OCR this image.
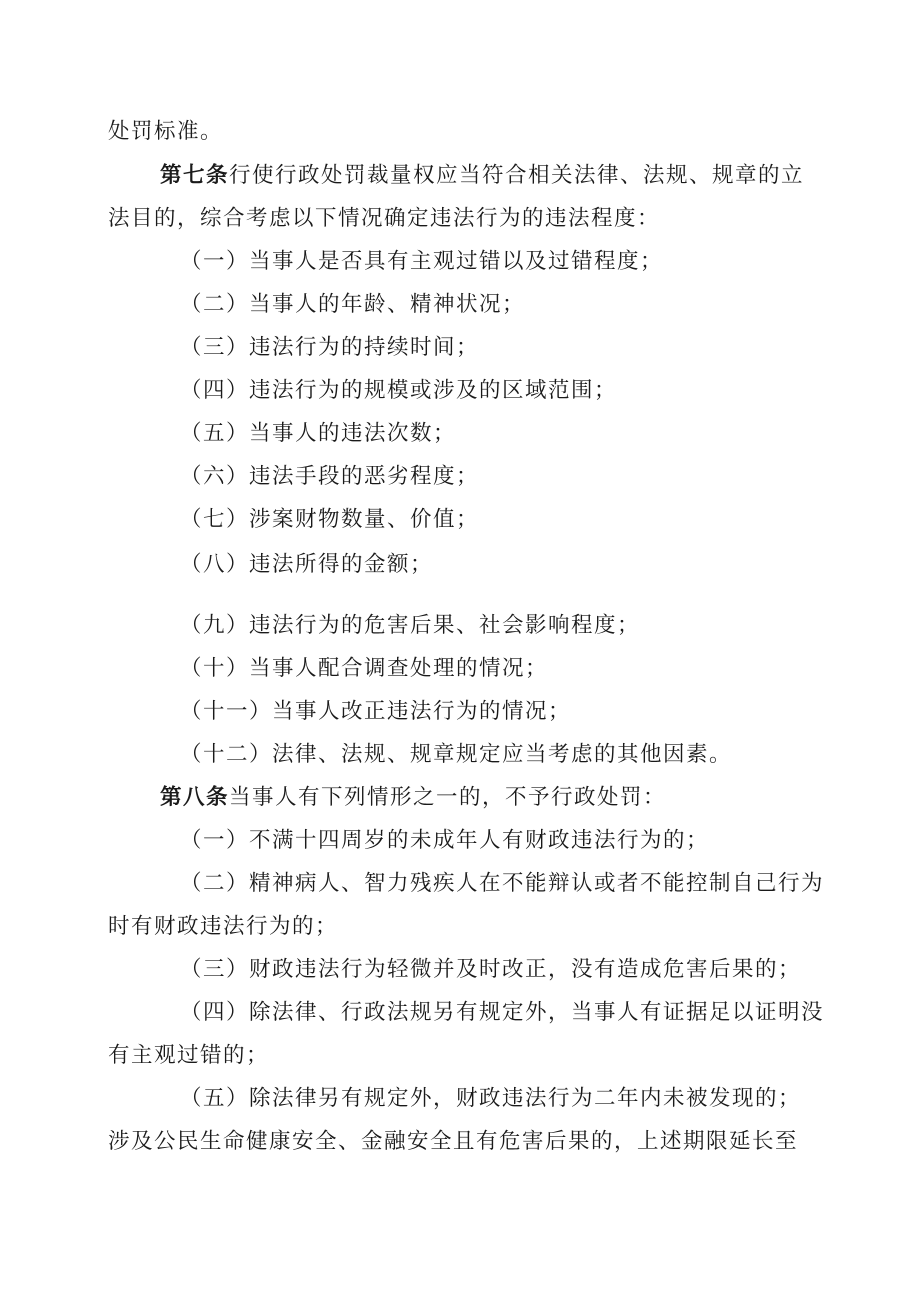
处罚标准。
第七条行使行政处罚裁量权应当符合相关法律、法规、规章的立
法目的，综合考虑以下情况确定违法行为的违法程度：
（一）当事人是否具有主观过错以及过错程度；
（二）当事人的年龄、精神状况；
（三）违法行为的持续时间；
（四）违法行为的规模或涉及的区域范围；
（五）当事人的违法次数；
（六）违法手段的恶劣程度；
（七）涉案财物数量、价值；
（八）违法所得的金额；
（九）违法行为的危害后果、社会影响程度；
（十）当事人配合调查处理的情况；
（十一）当事人改正违法行为的情况；
（十二）法律、法规、规章规定应当考虑的其他因素。
第八条当事人有下列情形之一的，不予行政处罚：
（一）不满十四周岁的未成年人有财政违法行为的；
（二）精神病人、智力残疾人在不能辩认或者不能控制自己行为
时有财政违法行为的；
（三）财政违法行为轻微并及时改正，没有造成危害后果的；
（四）除法律、行政法规另有规定外，当事人有证据足以证明没
有主观过错的；
（五）除法律另有规定外，财政违法行为二年内未被发现的；
涉及公民生命健康安全、金融安全且有危害后果的，上述期限延长至
